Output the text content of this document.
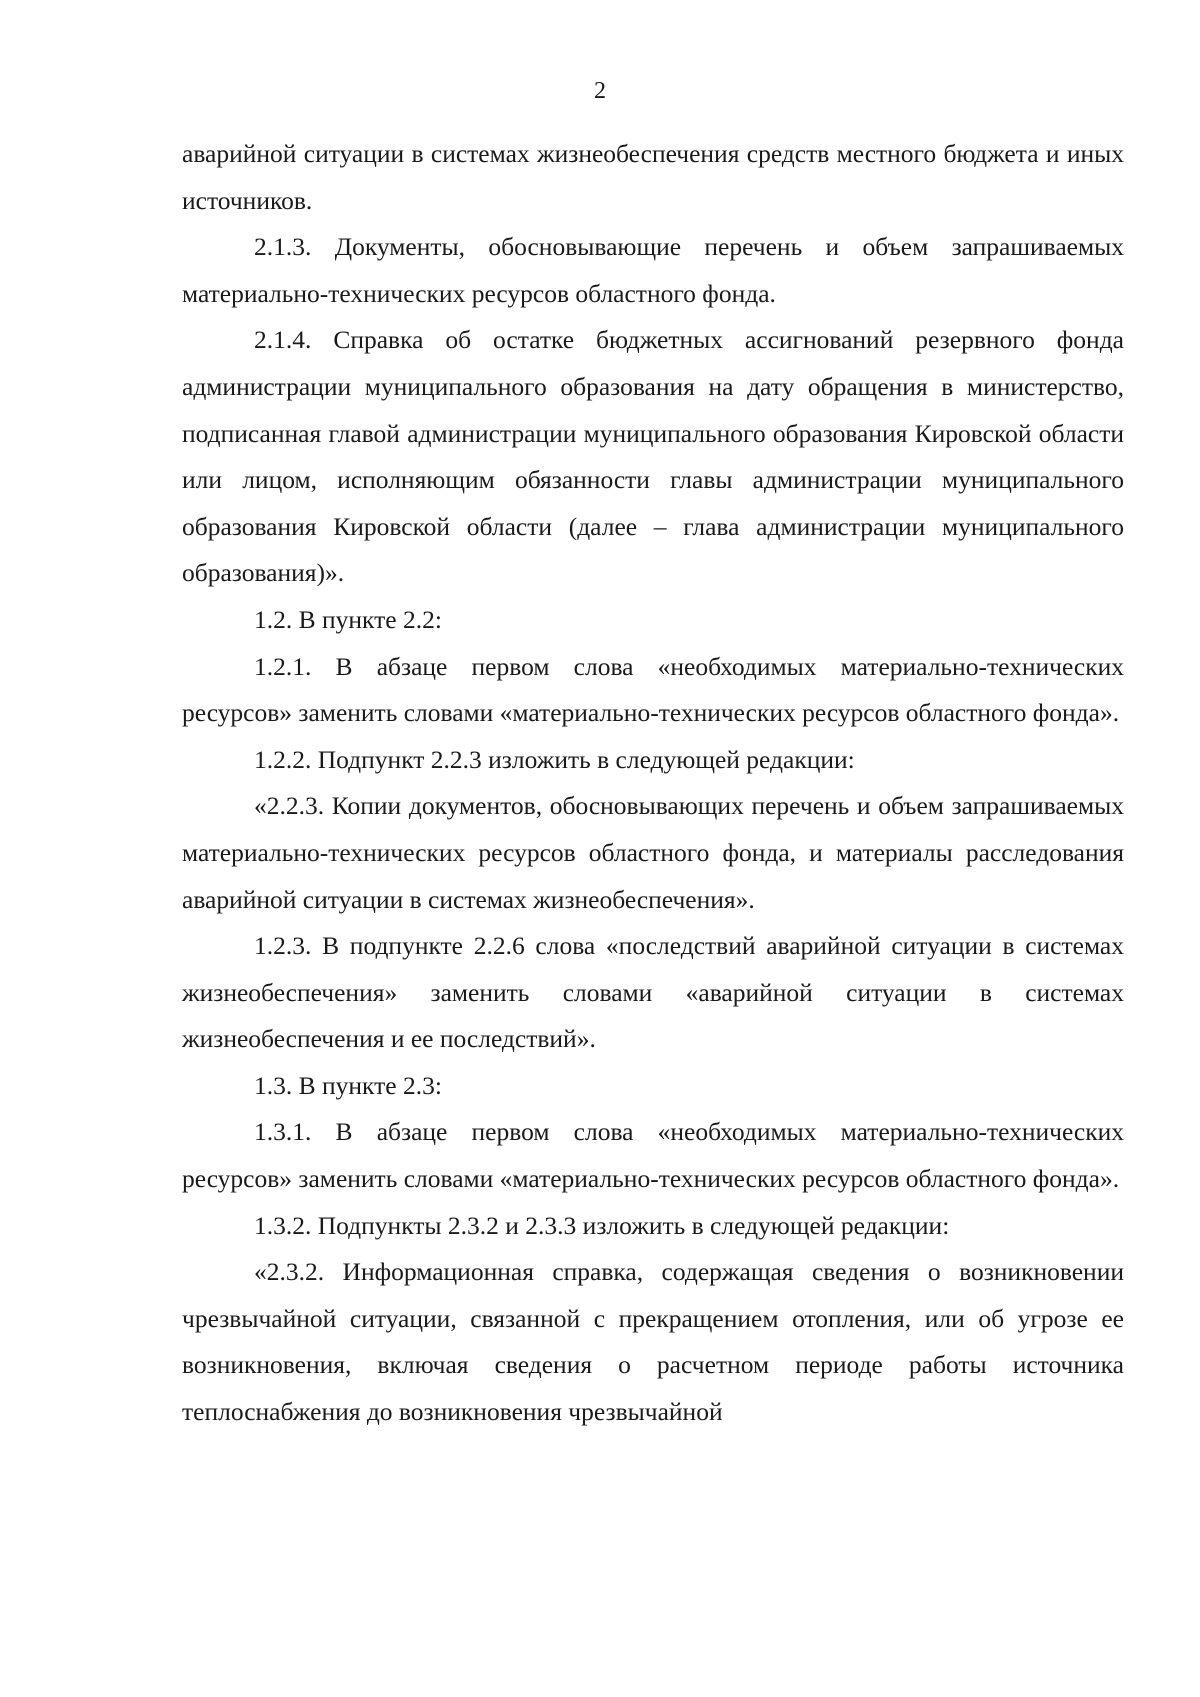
2

аварийной ситуации в системах жизнеобеспечения средств местного бюджета и иных источников.

2.1.3. Документы, обосновывающие перечень и объем запрашиваемых материально-технических ресурсов областного фонда.

2.1.4. Справка об остатке бюджетных ассигнований резервного фонда администрации муниципального образования на дату обращения в министерство, подписанная главой администрации муниципального образования Кировской области или лицом, исполняющим обязанности главы администрации муниципального образования Кировской области (далее – глава администрации муниципального образования)».

1.2. В пункте 2.2:

1.2.1. В абзаце первом слова «необходимых материально-технических ресурсов» заменить словами «материально-технических ресурсов областного фонда».

1.2.2. Подпункт 2.2.3 изложить в следующей редакции:

«2.2.3. Копии документов, обосновывающих перечень и объем запрашиваемых материально-технических ресурсов областного фонда, и материалы расследования аварийной ситуации в системах жизнеобеспечения».

1.2.3. В подпункте 2.2.6 слова «последствий аварийной ситуации в системах жизнеобеспечения» заменить словами «аварийной ситуации в системах жизнеобеспечения и ее последствий».

1.3. В пункте 2.3:

1.3.1. В абзаце первом слова «необходимых материально-технических ресурсов» заменить словами «материально-технических ресурсов областного фонда».

1.3.2. Подпункты 2.3.2 и 2.3.3 изложить в следующей редакции:

«2.3.2. Информационная справка, содержащая сведения о возникновении чрезвычайной ситуации, связанной с прекращением отопления, или об угрозе ее возникновения, включая сведения о расчетном периоде работы источника теплоснабжения до возникновения чрезвычайной
